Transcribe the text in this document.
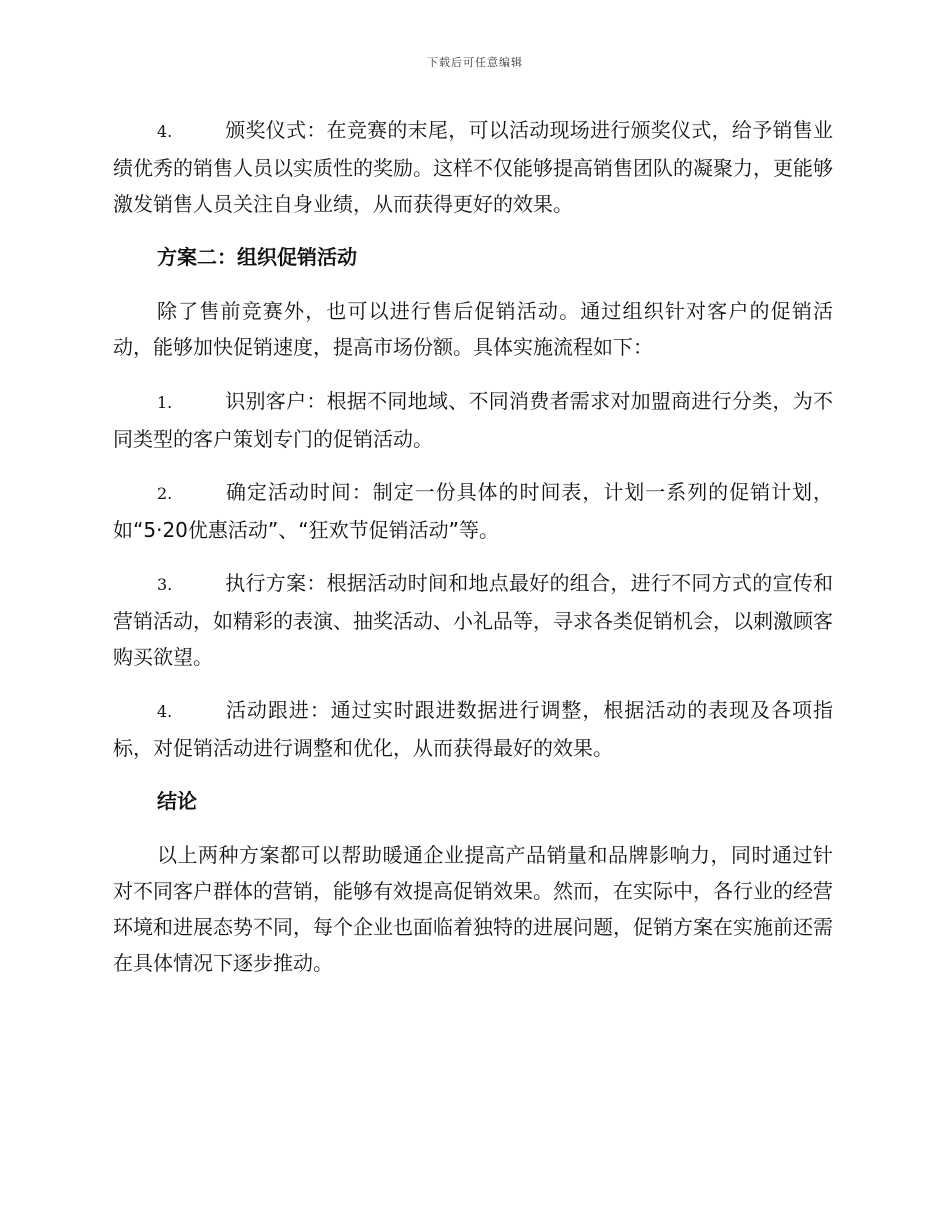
下载后可任意编辑

4.	颁奖仪式：在竞赛的末尾，可以活动现场进行颁奖仪式，给予销售业绩优秀的销售人员以实质性的奖励。这样不仅能够提高销售团队的凝聚力，更能够激发销售人员关注自身业绩，从而获得更好的效果。

方案二：组织促销活动

除了售前竞赛外，也可以进行售后促销活动。通过组织针对客户的促销活动，能够加快促销速度，提高市场份额。具体实施流程如下：

1.	识别客户：根据不同地域、不同消费者需求对加盟商进行分类，为不同类型的客户策划专门的促销活动。

2.	确定活动时间：制定一份具体的时间表，计划一系列的促销计划，如“5·20优惠活动”、“狂欢节促销活动”等。

3.	执行方案：根据活动时间和地点最好的组合，进行不同方式的宣传和营销活动，如精彩的表演、抽奖活动、小礼品等，寻求各类促销机会，以刺激顾客购买欲望。

4.	活动跟进：通过实时跟进数据进行调整，根据活动的表现及各项指标，对促销活动进行调整和优化，从而获得最好的效果。

结论

以上两种方案都可以帮助暖通企业提高产品销量和品牌影响力，同时通过针对不同客户群体的营销，能够有效提高促销效果。然而，在实际中，各行业的经营环境和进展态势不同，每个企业也面临着独特的进展问题，促销方案在实施前还需在具体情况下逐步推动。
